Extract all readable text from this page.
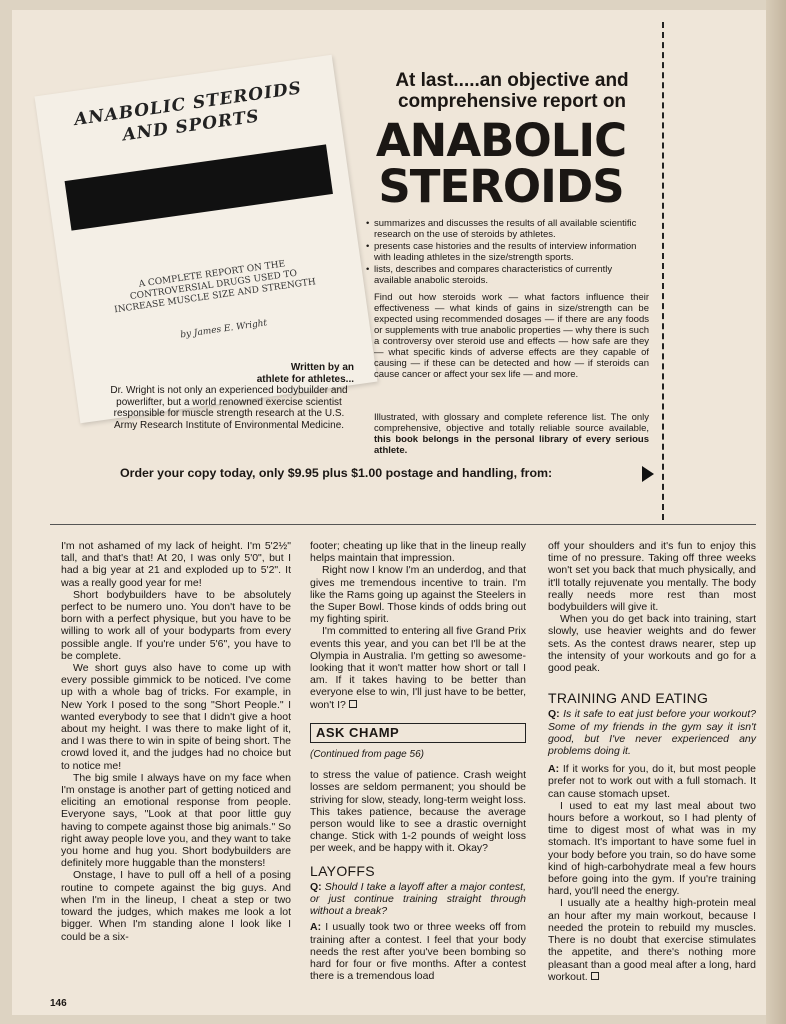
ANABOLIC STEROIDS AND SPORTS
A COMPLETE REPORT ON THE CONTROVERSIAL DRUGS USED TO INCREASE MUSCLE SIZE AND STRENGTH
by James E. Wright
At last.....an objective and
comprehensive report on
ANABOLIC
STEROIDS
• summarizes and discusses the results of all available scientific research on the use of steroids by athletes.
• presents case histories and the results of interview information with leading athletes in the size/strength sports.
• lists, describes and compares characteristics of currently available anabolic steroids.

Find out how steroids work — what factors influence their effectiveness — what kinds of gains in size/strength can be expected using recommended dosages — if there are any foods or supplements with true anabolic properties — why there is such a controversy over steroid use and effects — how safe are they — what specific kinds of adverse effects are they capable of causing — if these can be detected and how — if steroids can cause cancer or affect your sex life — and more.

Illustrated, with glossary and complete reference list. The only comprehensive, objective and totally reliable source available, this book belongs in the personal library of every serious athlete.

Written by an
athlete for athletes...
Dr. Wright is not only an experienced bodybuilder and powerlifter, but a world renowned exercise scientist responsible for muscle strength research at the U.S. Army Research Institute of Environmental Medicine.
Order your copy today, only $9.95 plus $1.00 postage and handling, from:

I'm not ashamed of my lack of height. I'm 5'2½" tall, and that's that! At 20, I was only 5'0", but I had a big year at 21 and exploded up to 5'2". It was a really good year for me!

Short bodybuilders have to be absolutely perfect to be numero uno. You don't have to be born with a perfect physique, but you have to be willing to work all of your bodyparts from every possible angle. If you're under 5'6", you have to be complete.

We short guys also have to come up with every possible gimmick to be noticed. I've come up with a whole bag of tricks. For example, in New York I posed to the song "Short People." I wanted everybody to see that I didn't give a hoot about my height. I was there to make light of it, and I was there to win in spite of being short. The crowd loved it, and the judges had no choice but to notice me!

The big smile I always have on my face when I'm onstage is another part of getting noticed and eliciting an emotional response from people. Everyone says, "Look at that poor little guy having to compete against those big animals." So right away people love you, and they want to take you home and hug you. Short bodybuilders are definitely more huggable than the monsters!

Onstage, I have to pull off a hell of a posing routine to compete against the big guys. And when I'm in the lineup, I cheat a step or two toward the judges, which makes me look a lot bigger. When I'm standing alone I look like I could be a six-

footer; cheating up like that in the lineup really helps maintain that impression.

Right now I know I'm an underdog, and that gives me tremendous incentive to train. I'm like the Rams going up against the Steelers in the Super Bowl. Those kinds of odds bring out my fighting spirit.

I'm committed to entering all five Grand Prix events this year, and you can bet I'll be at the Olympia in Australia. I'm getting so awesome-looking that it won't matter how short or tall I am. If it takes having to be better than everyone else to win, I'll just have to be better, won't I?

ASK CHAMP
(Continued from page 56)

to stress the value of patience. Crash weight losses are seldom permanent; you should be striving for slow, steady, long-term weight loss. This takes patience, because the average person would like to see a drastic overnight change. Stick with 1-2 pounds of weight loss per week, and be happy with it. Okay?

LAYOFFS

Q: Should I take a layoff after a major contest, or just continue training straight through without a break?

A: I usually took two or three weeks off from training after a contest. I feel that your body needs the rest after you've been bombing so hard for four or five months. After a contest there is a tremendous load

off your shoulders and it's fun to enjoy this time of no pressure. Taking off three weeks won't set you back that much physically, and it'll totally rejuvenate you mentally. The body really needs more rest than most bodybuilders will give it.

When you do get back into training, start slowly, use heavier weights and do fewer sets. As the contest draws nearer, step up the intensity of your workouts and go for a good peak.

TRAINING AND EATING

Q: Is it safe to eat just before your workout? Some of my friends in the gym say it isn't good, but I've never experienced any problems doing it.

A: If it works for you, do it, but most people prefer not to work out with a full stomach. It can cause stomach upset.

I used to eat my last meal about two hours before a workout, so I had plenty of time to digest most of what was in my stomach. It's important to have some fuel in your body before you train, so do have some kind of high-carbohydrate meal a few hours before going into the gym. If you're training hard, you'll need the energy.

I usually ate a healthy high-protein meal an hour after my main workout, because I needed the protein to rebuild my muscles. There is no doubt that exercise stimulates the appetite, and there's nothing more pleasant than a good meal after a long, hard workout.

146
